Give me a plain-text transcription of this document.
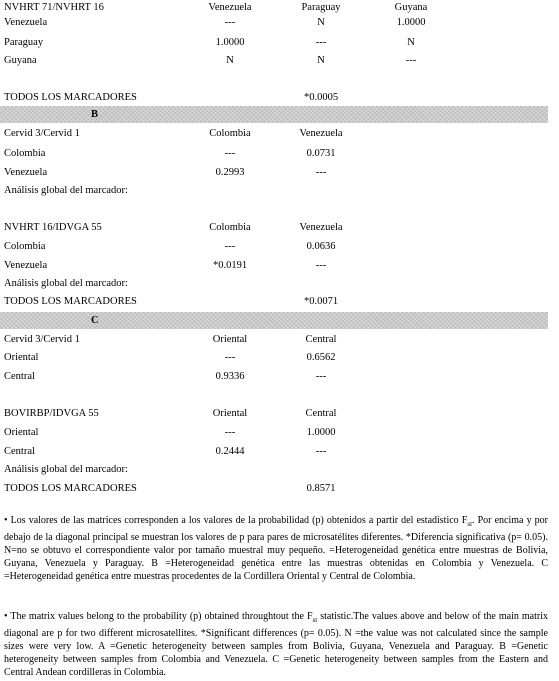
NVHRT 71/NVHRT 16	Venezuela	Paraguay	Guyana
Venezuela	---	N	1.0000
Paraguay	1.0000	---	N
Guyana	N	N	---
TODOS LOS MARCADORES	*0.0005
B
Cervid 3/Cervid 1	Colombia	Venezuela
Colombia	---	0.0731
Venezuela	0.2993	---
Análisis global del marcador:
NVHRT 16/IDVGA 55	Colombia	Venezuela
Colombia	---	0.0636
Venezuela	*0.0191	---
Análisis global del marcador:
TODOS LOS MARCADORES	*0.0071
C
Cervid 3/Cervid 1	Oriental	Central
Oriental	---	0.6562
Central	0.9336	---
BOVIRBP/IDVGA 55	Oriental	Central
Oriental	---	1.0000
Central	0.2444	---
Análisis global del marcador:
TODOS LOS MARCADORES	0.8571
• Los valores de las matrices corresponden a los valores de la probabilidad (p) obtenidos a partir del estadístico $F_{st}$. Por encima y por debajo de la diagonal principal se muestran los valores de p para pares de microsatélites diferentes. *Diferencia significativa (p= 0.05). N=no se obtuvo el correspondiente valor por tamaño muestral muy pequeño. =Heterogeneidad genética entre muestras de Bolivia, Guyana, Venezuela y Paraguay. B =Heterogeneidad genética entre las muestras obtenidas en Colombia y Venezuela. C =Heterogeneidad genética entre muestras procedentes de la Cordillera Oriental y Central de Colombia.
• The matrix values belong to the probability (p) obtained throughtout the $F_{st}$ statistic.The values above and below of the main matrix diagonal are p for two different microsatellites. *Significant differences (p= 0.05). N =the value was not calculated since the sample sizes were very low. A =Genetic heterogeneity between samples from Bolivia, Guyana, Venezuela and Paraguay. B =Genetic heterogeneity between samples from Colombia and Venezuela. C =Genetic heterogeneity between samples from the Eastern and Central Andean cordilleras in Colombia.
